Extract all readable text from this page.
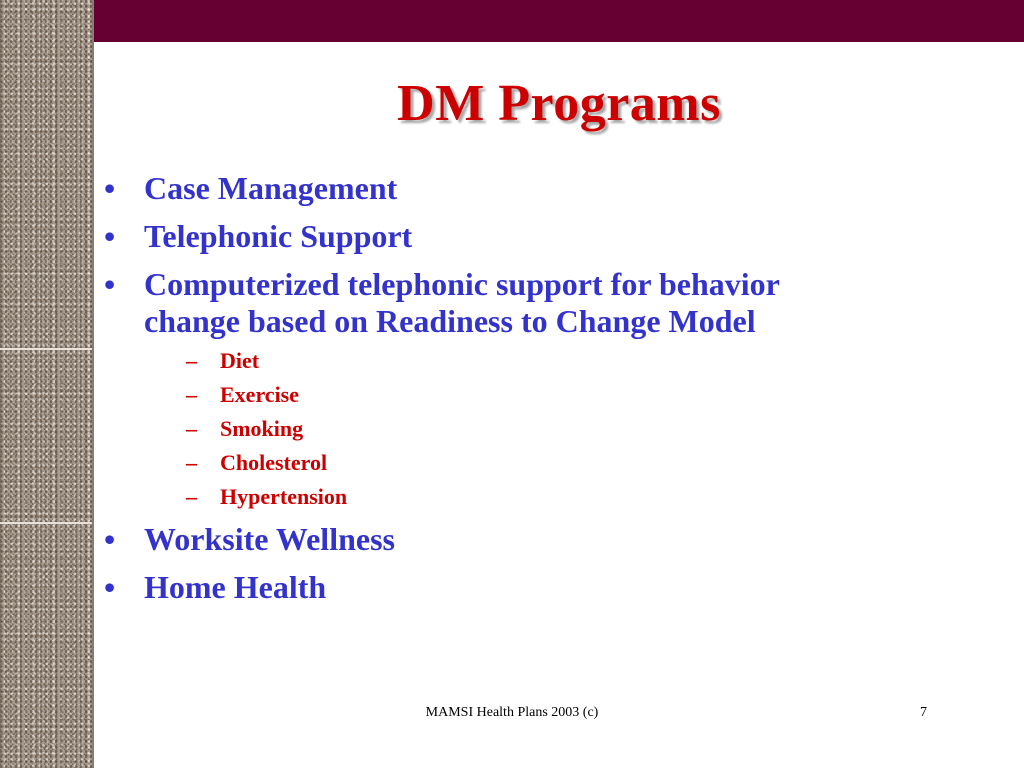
DM Programs
• Case Management
• Telephonic Support
• Computerized telephonic support for behavior change based on Readiness to Change Model
– Diet
– Exercise
– Smoking
– Cholesterol
– Hypertension
• Worksite Wellness
• Home Health
MAMSI Health Plans 2003 (c)	7
